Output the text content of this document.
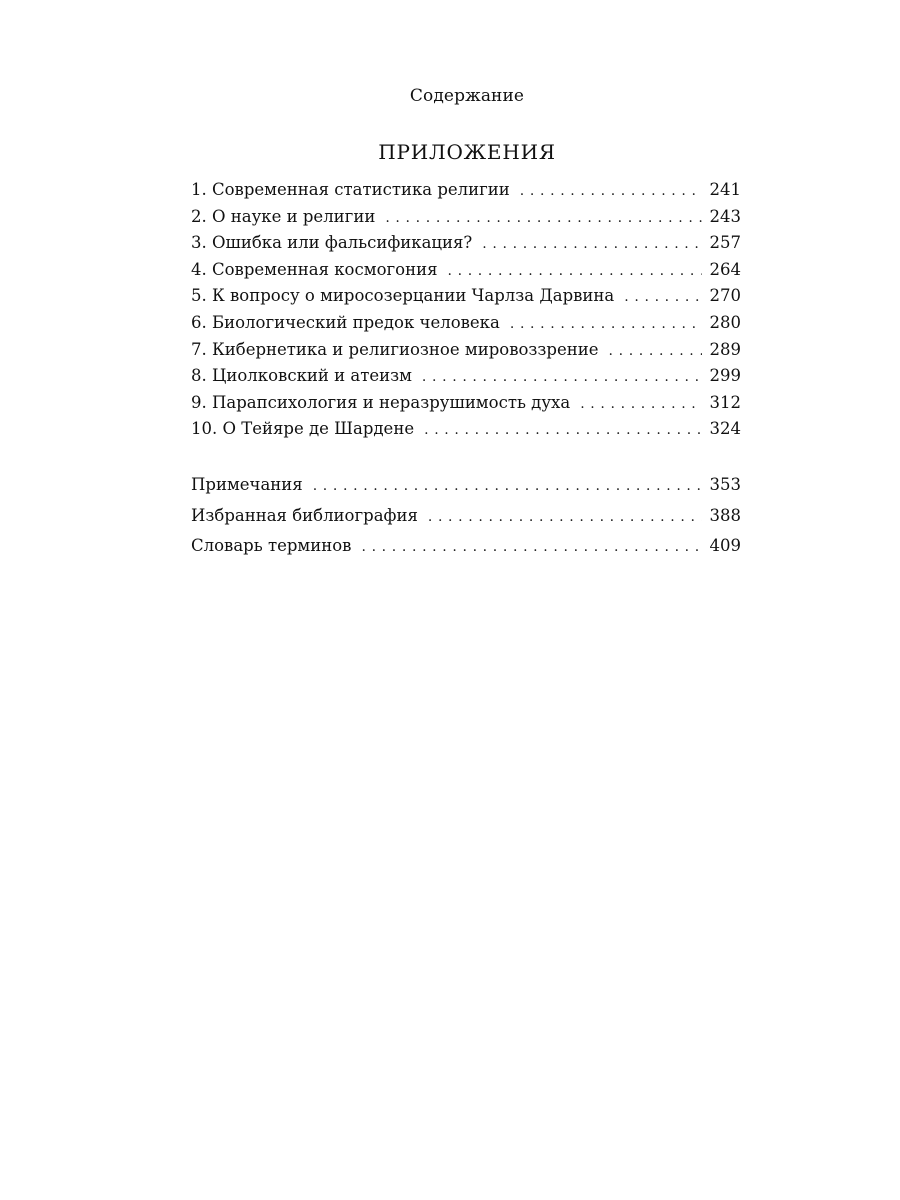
Содержание
ПРИЛОЖЕНИЯ
1. Современная статистика религии . . .	241
2. О науке и религии . . .	243
3. Ошибка или фальсификация? . . .	257
4. Современная космогония . . .	264
5. К вопросу о миросозерцании Чарлза Дарвина . . .	270
6. Биологический предок человека . . .	280
7. Кибернетика и религиозное мировоззрение . . .	289
8. Циолковский и атеизм . . .	299
9. Парапсихология и неразрушимость духа . . .	312
10. О Тейяре де Шардене . . .	324
Примечания . . .	353
Избранная библиография . . .	388
Словарь терминов . . .	409
